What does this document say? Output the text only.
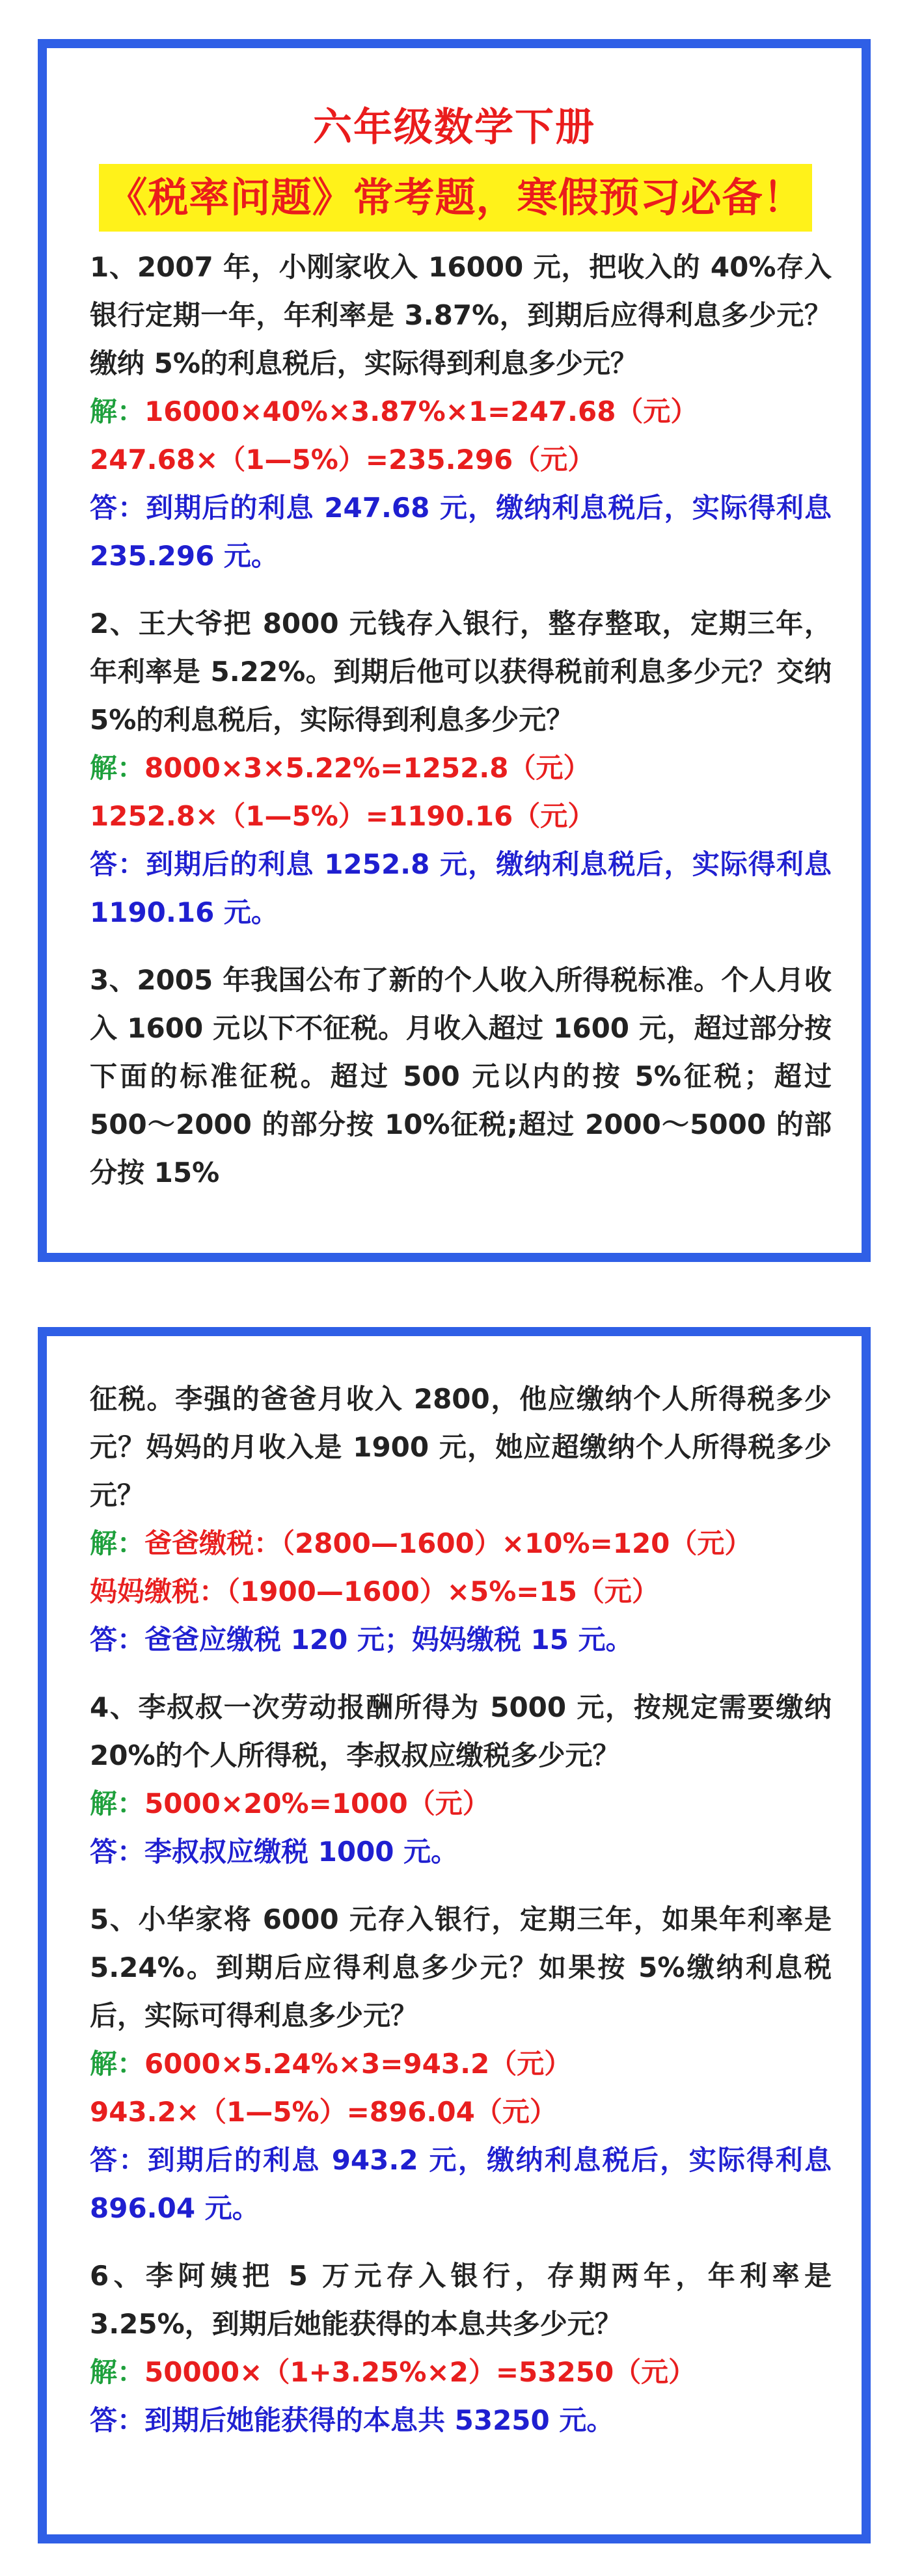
六年级数学下册
《税率问题》常考题，寒假预习必备！

1、2007 年，小刚家收入 16000 元，把收入的 40%存入银行定期一年，年利率是 3.87%，到期后应得利息多少元？缴纳 5%的利息税后，实际得到利息多少元？

解：16000×40%×3.87%×1=247.68（元）

247.68×（1—5%）=235.296（元）

答：到期后的利息 247.68 元，缴纳利息税后，实际得利息 235.296 元。

2、王大爷把 8000 元钱存入银行，整存整取，定期三年，年利率是 5.22%。到期后他可以获得税前利息多少元？交纳 5%的利息税后，实际得到利息多少元？

解：8000×3×5.22%=1252.8（元）

1252.8×（1—5%）=1190.16（元）

答：到期后的利息 1252.8 元，缴纳利息税后，实际得利息 1190.16 元。

3、2005 年我国公布了新的个人收入所得税标准。个人月收入 1600 元以下不征税。月收入超过 1600 元，超过部分按下面的标准征税。超过 500 元以内的按 5%征税；超过 500～2000 的部分按 10%征税;超过 2000～5000 的部分按 15%

征税。李强的爸爸月收入 2800，他应缴纳个人所得税多少元？妈妈的月收入是 1900 元，她应超缴纳个人所得税多少元？

解：爸爸缴税：（2800—1600）×10%=120（元）

妈妈缴税：（1900—1600）×5%=15（元）

答：爸爸应缴税 120 元；妈妈缴税 15 元。

4、李叔叔一次劳动报酬所得为 5000 元，按规定需要缴纳 20%的个人所得税，李叔叔应缴税多少元？

解：5000×20%=1000（元）

答：李叔叔应缴税 1000 元。

5、小华家将 6000 元存入银行，定期三年，如果年利率是 5.24%。到期后应得利息多少元？如果按 5%缴纳利息税后，实际可得利息多少元？

解：6000×5.24%×3=943.2（元）

943.2×（1—5%）=896.04（元）

答：到期后的利息 943.2 元，缴纳利息税后，实际得利息 896.04 元。

6、李阿姨把 5 万元存入银行，存期两年，年利率是 3.25%，到期后她能获得的本息共多少元？

解：50000×（1+3.25%×2）=53250（元）

答：到期后她能获得的本息共 53250 元。
